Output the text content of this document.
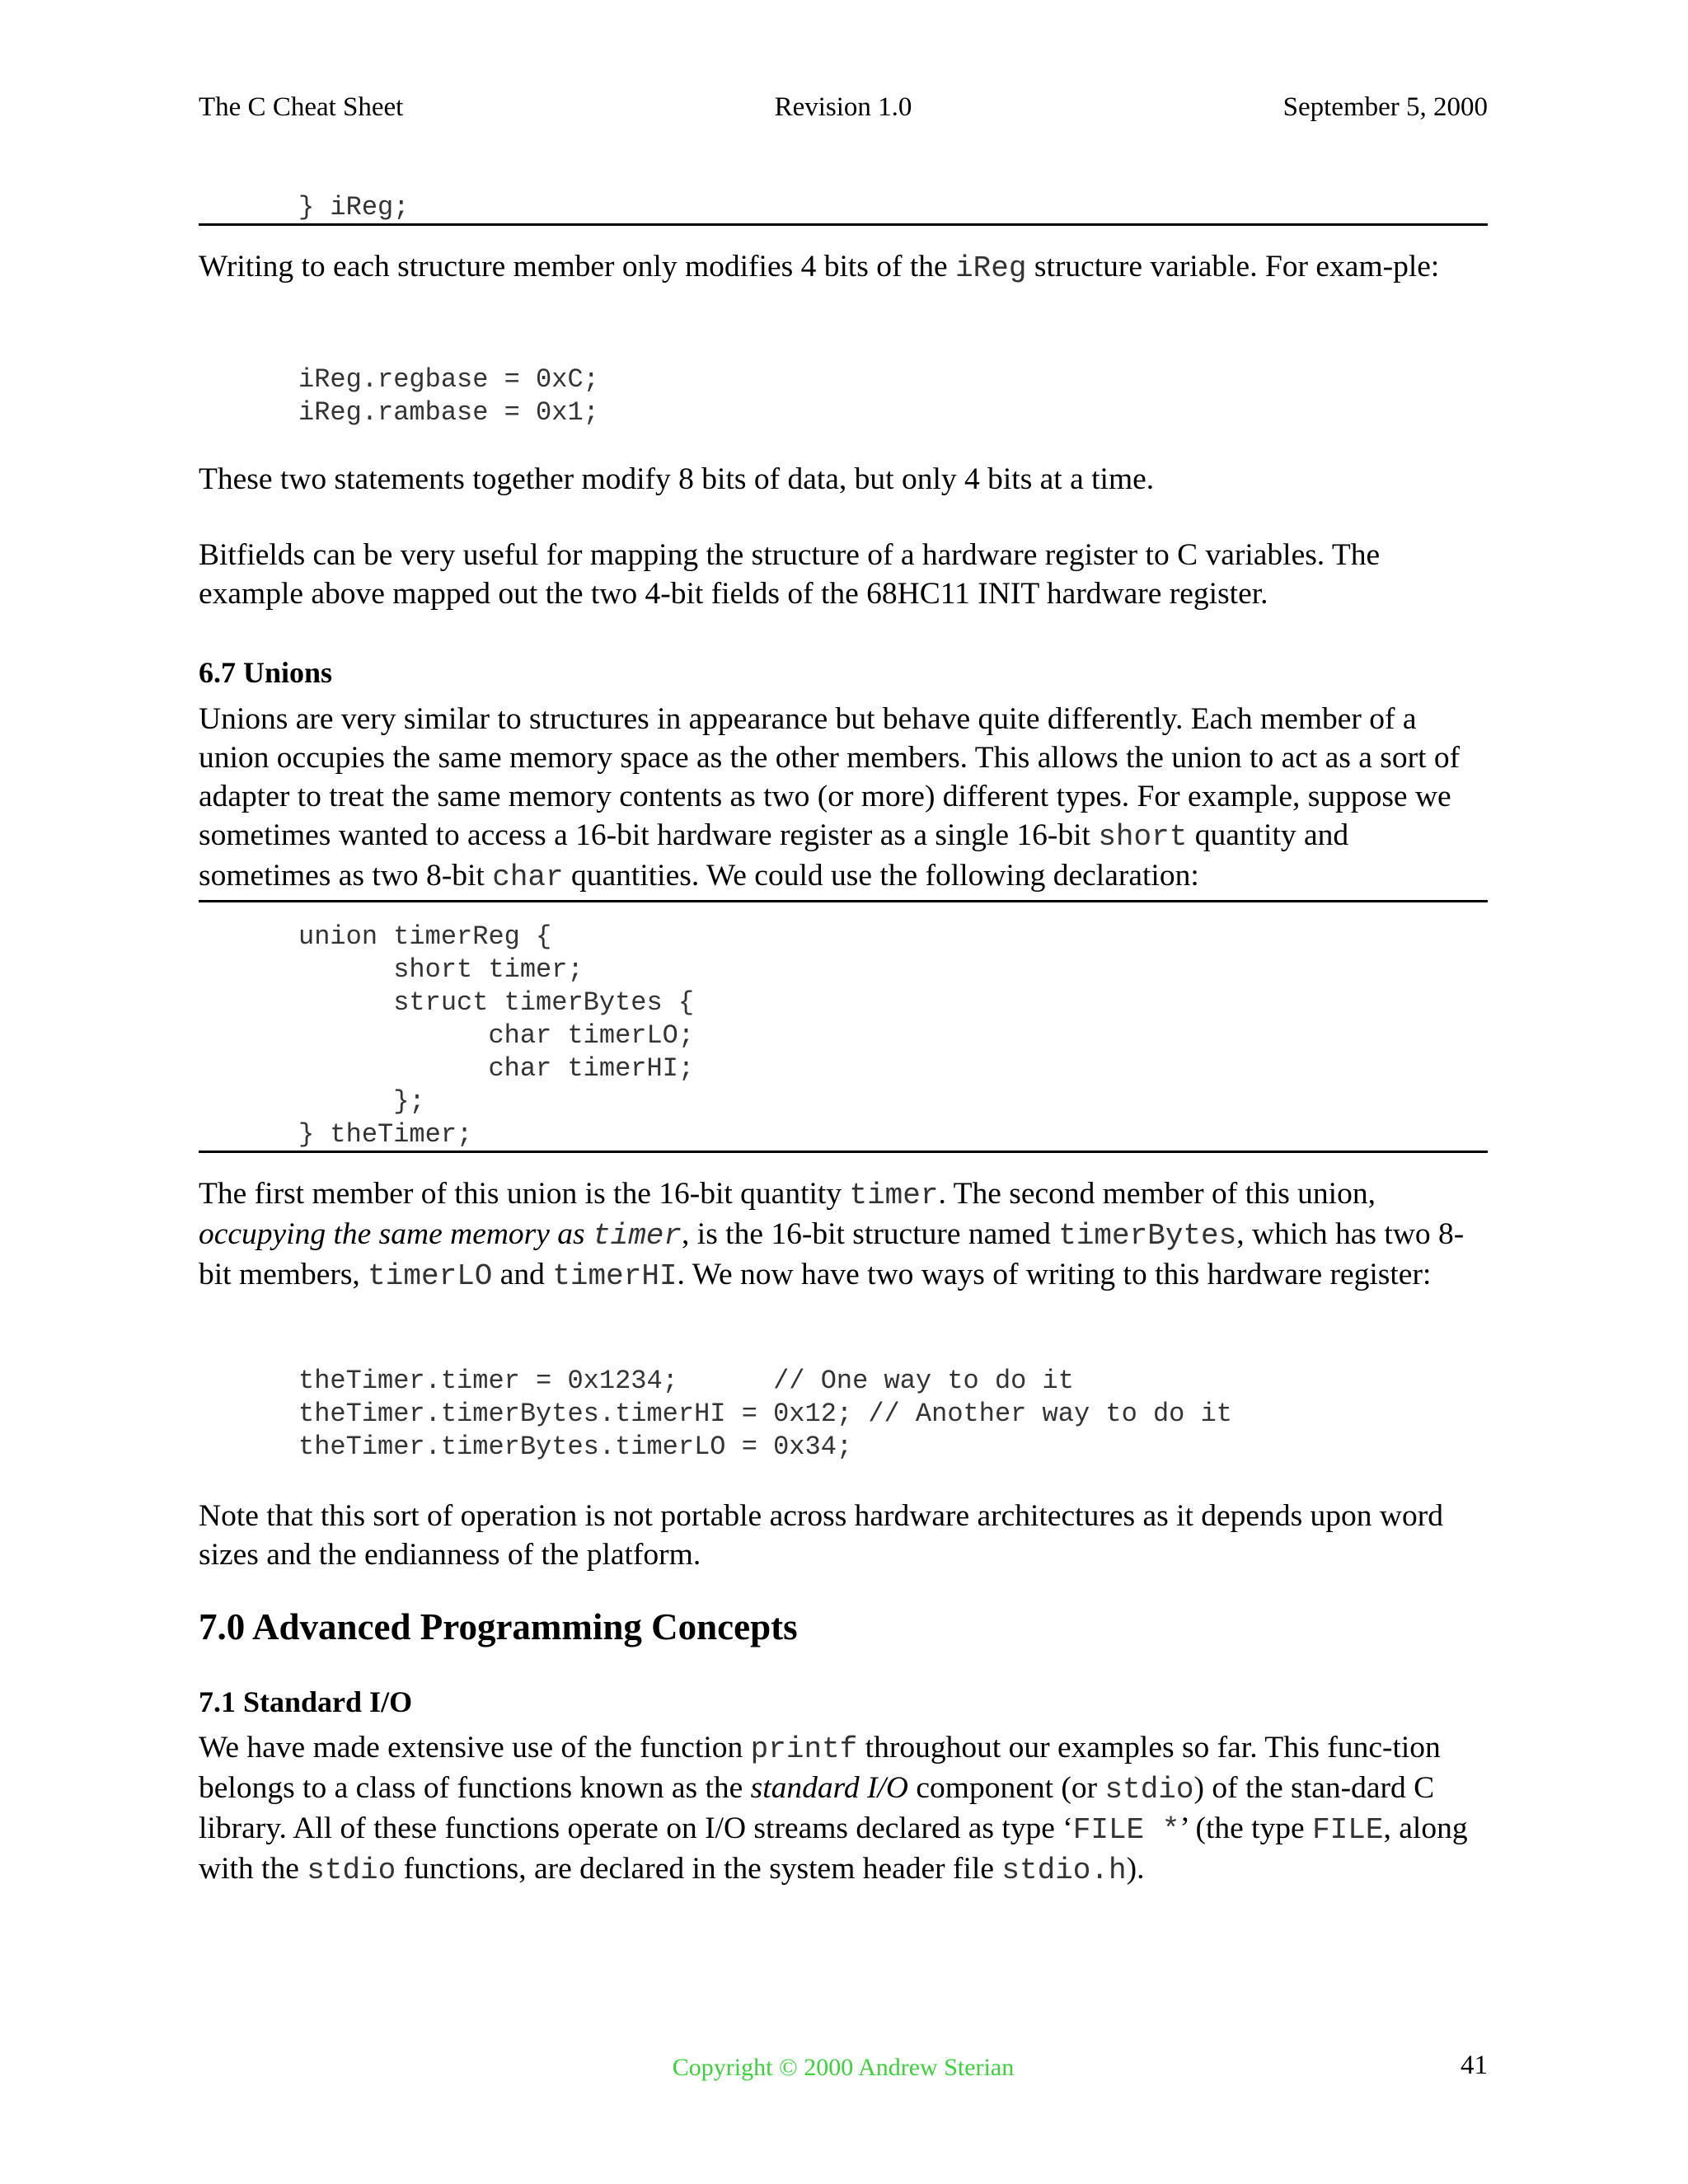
The C Cheat Sheet	Revision 1.0	September 5, 2000
} iReg;

Writing to each structure member only modifies 4 bits of the iReg structure variable. For exam-ple:

iReg.regbase = 0xC;
iReg.rambase = 0x1;

These two statements together modify 8 bits of data, but only 4 bits at a time.

Bitfields can be very useful for mapping the structure of a hardware register to C variables. The example above mapped out the two 4-bit fields of the 68HC11 INIT hardware register.

6.7 Unions

Unions are very similar to structures in appearance but behave quite differently. Each member of a union occupies the same memory space as the other members. This allows the union to act as a sort of adapter to treat the same memory contents as two (or more) different types. For example, suppose we sometimes wanted to access a 16-bit hardware register as a single 16-bit short quantity and sometimes as two 8-bit char quantities. We could use the following declaration:

union timerReg {
short timer;
struct timerBytes {
char timerLO;
char timerHI;
};
} theTimer;

The first member of this union is the 16-bit quantity timer. The second member of this union, occupying the same memory as timer, is the 16-bit structure named timerBytes, which has two 8-bit members, timerLO and timerHI. We now have two ways of writing to this hardware register:

theTimer.timer = 0x1234;      // One way to do it
theTimer.timerBytes.timerHI = 0x12; // Another way to do it
theTimer.timerBytes.timerLO = 0x34;

Note that this sort of operation is not portable across hardware architectures as it depends upon word sizes and the endianness of the platform.

7.0 Advanced Programming Concepts
7.1 Standard I/O

We have made extensive use of the function printf throughout our examples so far. This func-tion belongs to a class of functions known as the standard I/O component (or stdio) of the stan-dard C library. All of these functions operate on I/O streams declared as type ‘FILE *’ (the type FILE, along with the stdio functions, are declared in the system header file stdio.h).

Copyright © 2000 Andrew Sterian	41
